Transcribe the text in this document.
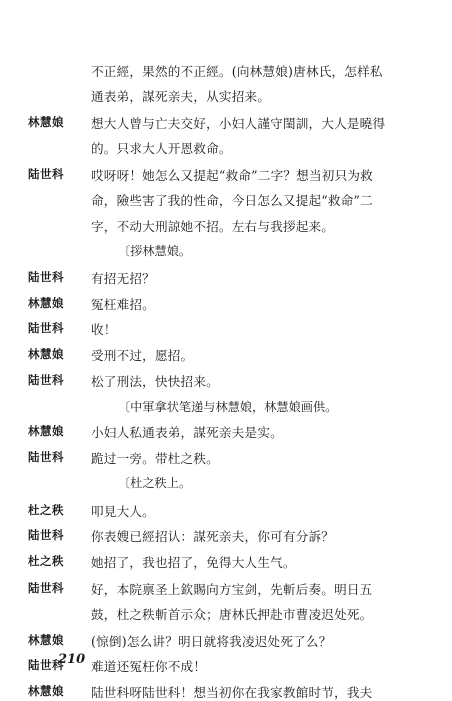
不正經，果然的不正經。(向林慧娘)唐林氏，怎样私
通表弟，謀死亲夫，从实招来。
林慧娘 想大人曾与亡夫交好，小妇人謹守閨訓，大人是曉得
的。只求大人开恩救命。
陆世科 哎呀呀！她怎么又提起“救命”二字？想当初只为救
命，險些害了我的性命，今日怎么又提起“救命”二
字，不动大刑諒她不招。左右与我拶起来。
〔拶林慧娘。
陆世科 有招无招？
林慧娘 冤枉难招。
陆世科 收！
林慧娘 受刑不过，愿招。
陆世科 松了刑法，快快招来。
〔中軍拿状笔递与林慧娘，林慧娘画供。
林慧娘 小妇人私通表弟，謀死亲夫是实。
陆世科 跪过一旁。带杜之秩。
〔杜之秩上。
杜之秩 叩見大人。
陆世科 你表嫂已經招认：謀死亲夫，你可有分訴？
杜之秩 她招了，我也招了，免得大人生气。
陆世科 好，本院禀圣上欽賜向方宝剑，先斬后奏。明日五
鼓，杜之秩斬首示众；唐林氏押赴市曹凌迟处死。
林慧娘 (惊倒)怎么讲？明日就将我凌迟处死了么？
陆世科 难道还冤枉你不成！
林慧娘 陆世科呀陆世科！想当初你在我家教館时节，我夫
210
